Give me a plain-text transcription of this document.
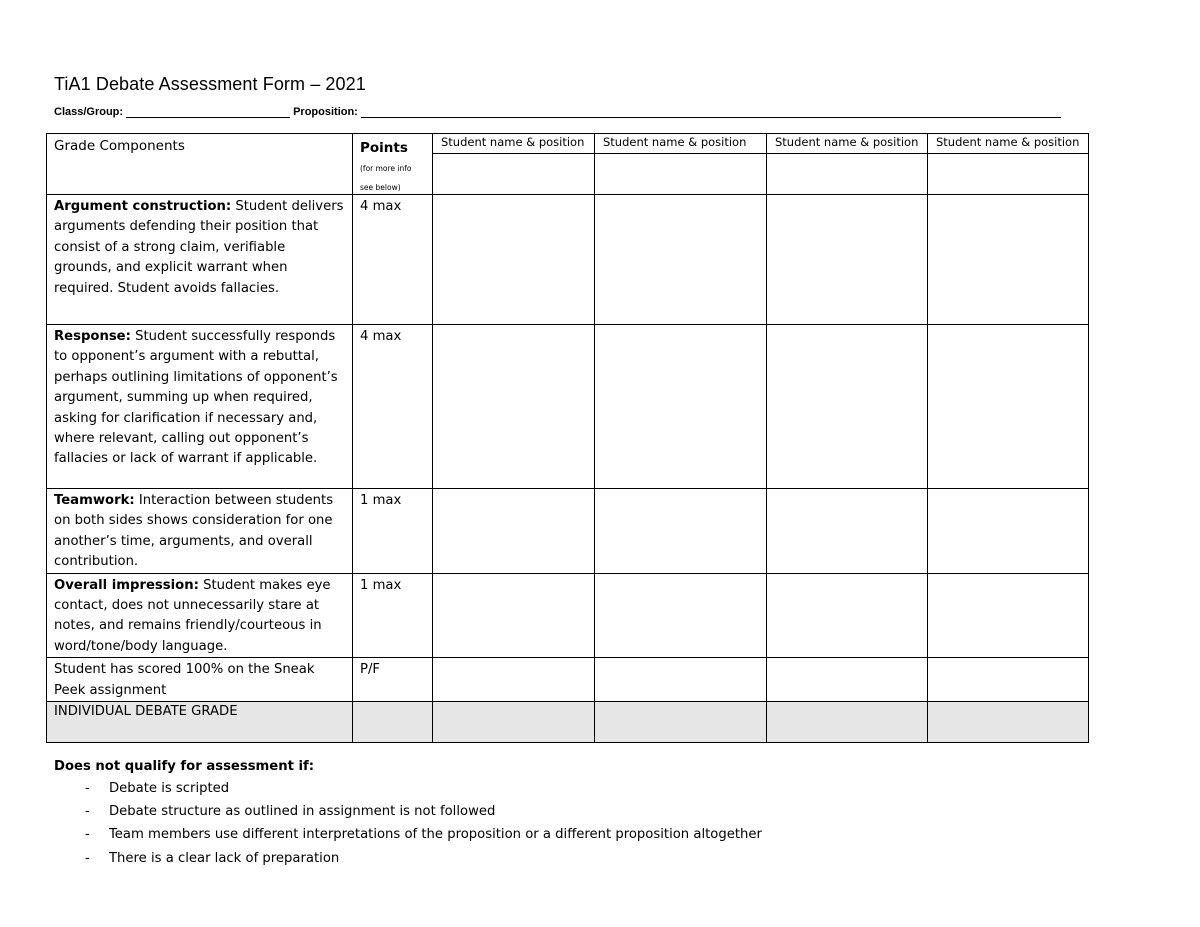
TiA1 Debate Assessment Form – 2021
Class/Group:	Proposition:
Grade Components	Points (for more info see below)	Student name & position	Student name & position	Student name & position	Student name & position

Argument construction: Student delivers arguments defending their position that consist of a strong claim, verifiable grounds, and explicit warrant when required. Student avoids fallacies.	4 max				
Response: Student successfully responds to opponent’s argument with a rebuttal, perhaps outlining limitations of opponent’s argument, summing up when required, asking for clarification if necessary and, where relevant, calling out opponent’s fallacies or lack of warrant if applicable.	4 max				
Teamwork: Interaction between students on both sides shows consideration for one another’s time, arguments, and overall contribution.	1 max				
Overall impression: Student makes eye contact, does not unnecessarily stare at notes, and remains friendly/courteous in word/tone/body language.	1 max				
Student has scored 100% on the Sneak Peek assignment	P/F				
INDIVIDUAL DEBATE GRADE					
Does not qualify for assessment if:
- Debate is scripted
- Debate structure as outlined in assignment is not followed
- Team members use different interpretations of the proposition or a different proposition altogether
- There is a clear lack of preparation
